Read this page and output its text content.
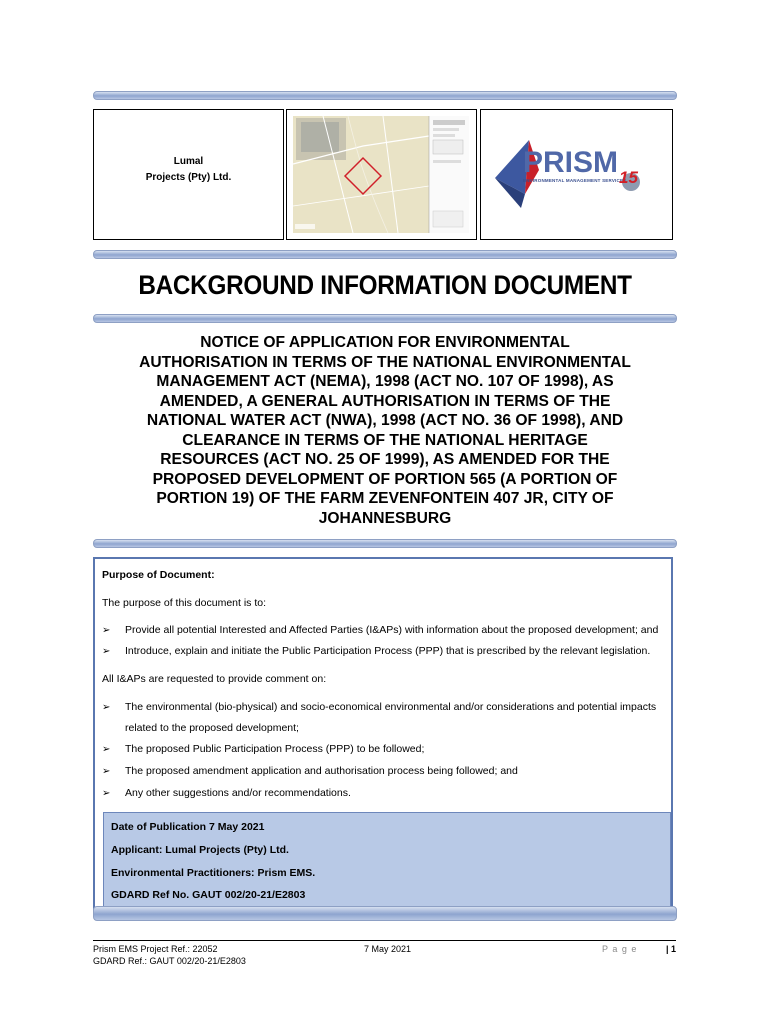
Lumal
Projects (Pty) Ltd.	PRISM
ENVIRONMENTAL MANAGEMENT SERVICES
15
BACKGROUND INFORMATION DOCUMENT
NOTICE OF APPLICATION FOR ENVIRONMENTAL
AUTHORISATION IN TERMS OF THE NATIONAL ENVIRONMENTAL
MANAGEMENT ACT (NEMA), 1998 (ACT NO. 107 OF 1998), AS
AMENDED, A GENERAL AUTHORISATION IN TERMS OF THE
NATIONAL WATER ACT (NWA), 1998 (ACT NO. 36 OF 1998), AND
CLEARANCE IN TERMS OF THE NATIONAL HERITAGE
RESOURCES (ACT NO. 25 OF 1999), AS AMENDED FOR THE
PROPOSED DEVELOPMENT OF PORTION 565 (A PORTION OF
PORTION 19) OF THE FARM ZEVENFONTEIN 407 JR, CITY OF
JOHANNESBURG
Purpose of Document:
The purpose of this document is to:
➢ Provide all potential Interested and Affected Parties (I&APs) with information about the proposed development; and
➢ Introduce, explain and initiate the Public Participation Process (PPP) that is prescribed by the relevant legislation.
All I&APs are requested to provide comment on:
➢ The environmental (bio-physical) and socio-economical environmental and/or considerations and potential impacts related to the proposed development;
➢ The proposed Public Participation Process (PPP) to be followed;
➢ The proposed amendment application and authorisation process being followed; and
➢ Any other suggestions and/or recommendations.
Date of Publication 7 May 2021
Applicant: Lumal Projects (Pty) Ltd.
Environmental Practitioners: Prism EMS.
GDARD Ref No. GAUT 002/20-21/E2803
Prism EMS Project Ref.: 22052
GDARD Ref.: GAUT 002/20-21/E2803
7 May 2021	P a g e	| 1
